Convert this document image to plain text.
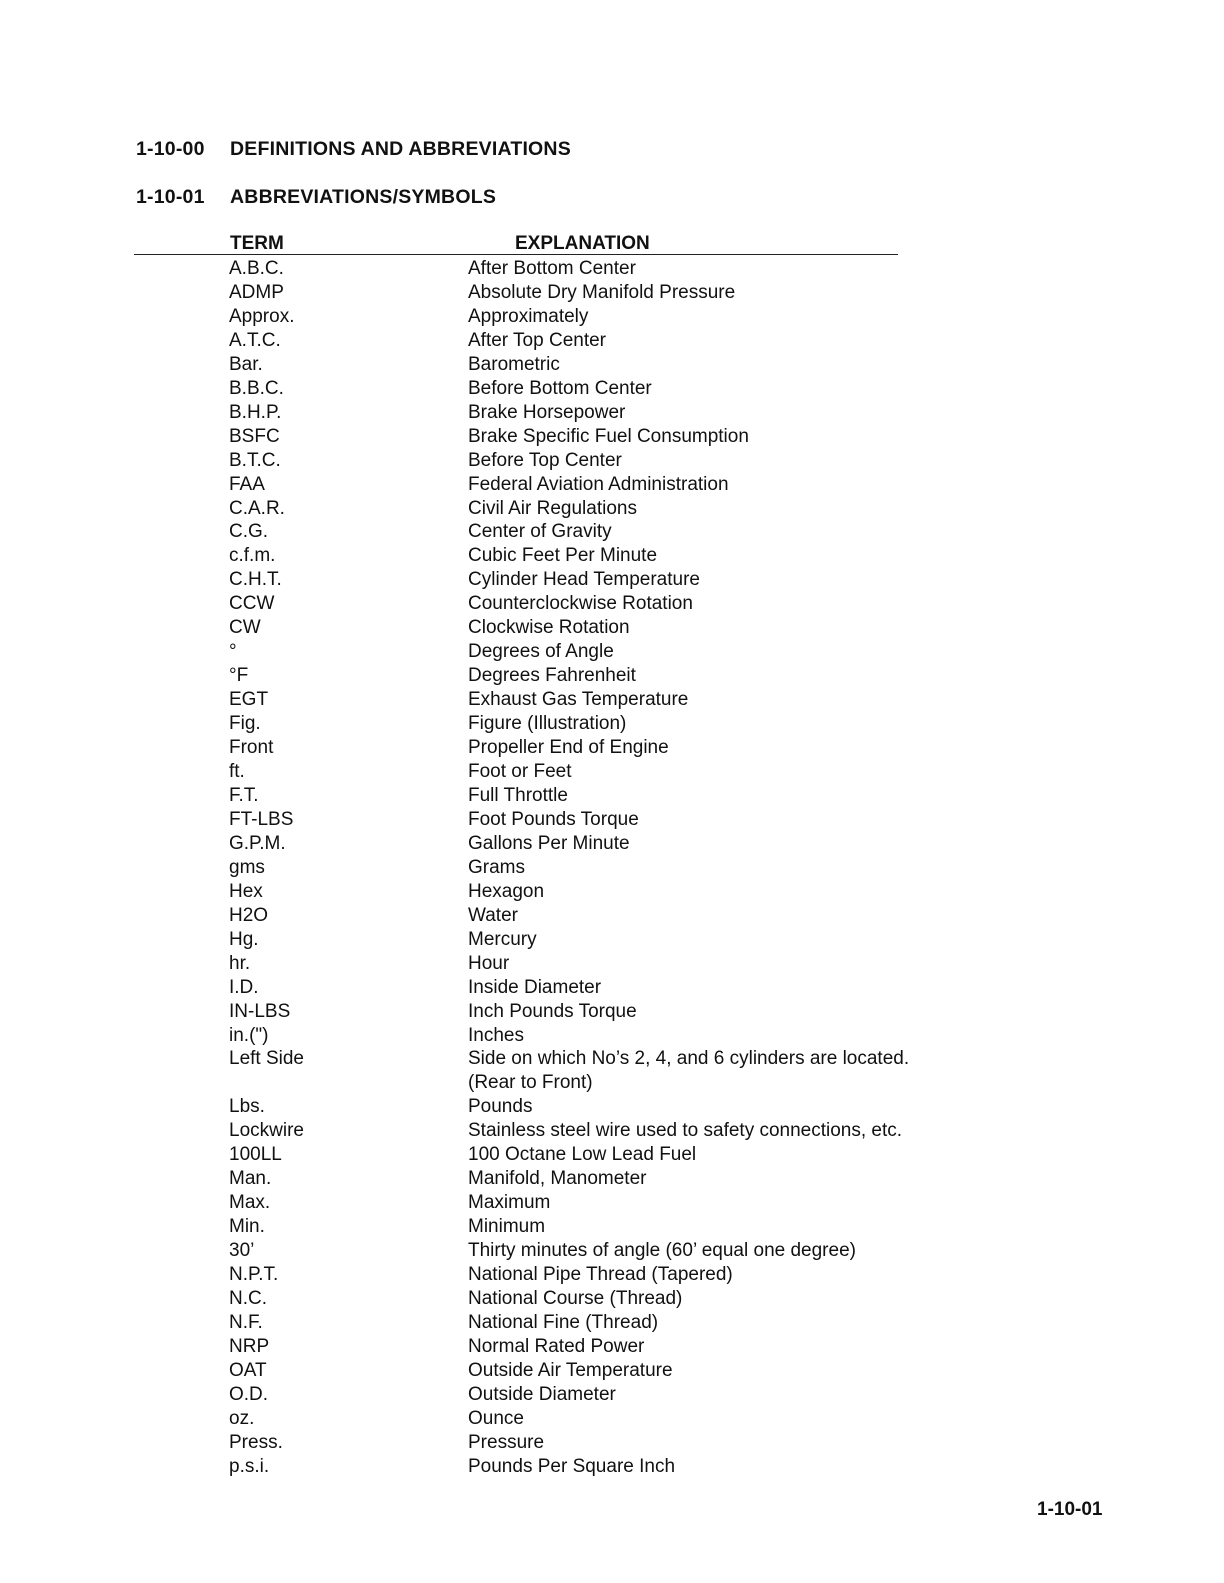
1-10-00 DEFINITIONS AND ABBREVIATIONS
1-10-01 ABBREVIATIONS/SYMBOLS
TERM	EXPLANATION
A.B.C.	After Bottom Center
ADMP	Absolute Dry Manifold Pressure
Approx.	Approximately
A.T.C.	After Top Center
Bar.	Barometric
B.B.C.	Before Bottom Center
B.H.P.	Brake Horsepower
BSFC	Brake Specific Fuel Consumption
B.T.C.	Before Top Center
FAA	Federal Aviation Administration
C.A.R.	Civil Air Regulations
C.G.	Center of Gravity
c.f.m.	Cubic Feet Per Minute
C.H.T.	Cylinder Head Temperature
CCW	Counterclockwise Rotation
CW	Clockwise Rotation
°	Degrees of Angle
°F	Degrees Fahrenheit
EGT	Exhaust Gas Temperature
Fig.	Figure (Illustration)
Front	Propeller End of Engine
ft.	Foot or Feet
F.T.	Full Throttle
FT-LBS	Foot Pounds Torque
G.P.M.	Gallons Per Minute
gms	Grams
Hex	Hexagon
H2O	Water
Hg.	Mercury
hr.	Hour
I.D.	Inside Diameter
IN-LBS	Inch Pounds Torque
in.(")	Inches
Left Side	Side on which No’s 2, 4, and 6 cylinders are located. (Rear to Front)
Lbs.	Pounds
Lockwire	Stainless steel wire used to safety connections, etc.
100LL	100 Octane Low Lead Fuel
Man.	Manifold, Manometer
Max.	Maximum
Min.	Minimum
30’	Thirty minutes of angle (60’ equal one degree)
N.P.T.	National Pipe Thread (Tapered)
N.C.	National Course (Thread)
N.F.	National Fine (Thread)
NRP	Normal Rated Power
OAT	Outside Air Temperature
O.D.	Outside Diameter
oz.	Ounce
Press.	Pressure
p.s.i.	Pounds Per Square Inch
1-10-01
